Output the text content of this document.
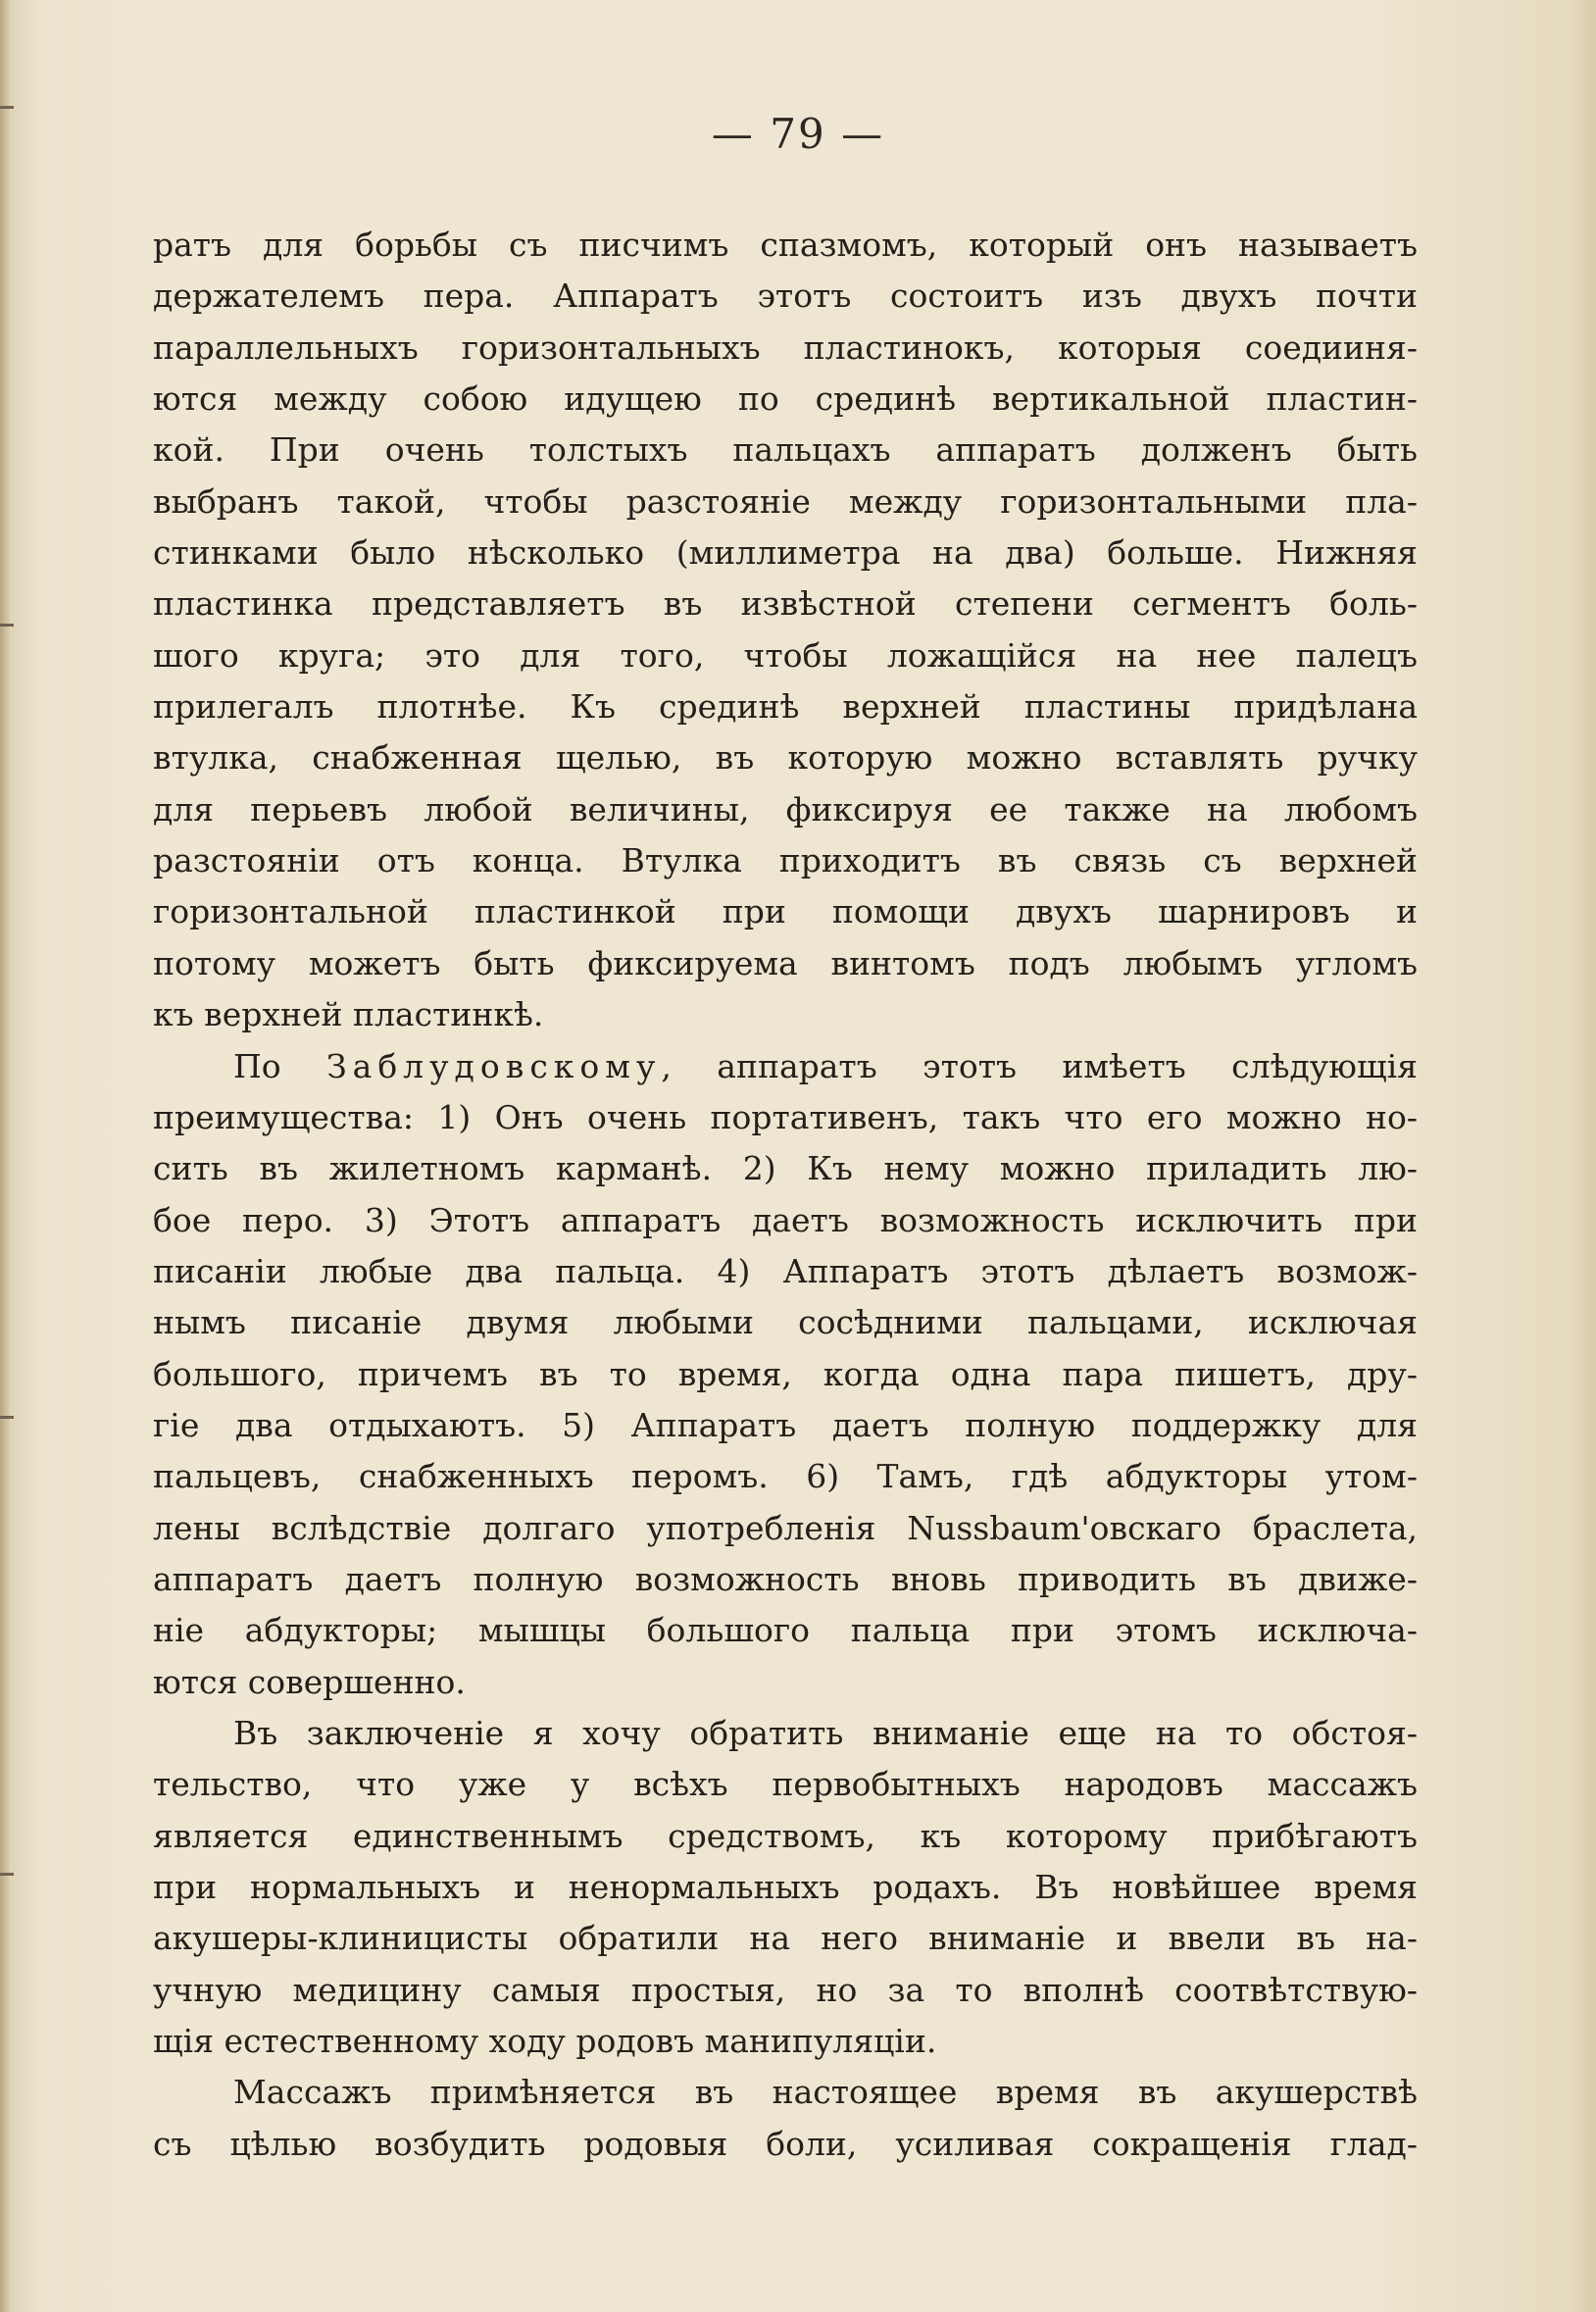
— 79 —
ратъ для борьбы съ писчимъ спазмомъ, который онъ называетъ
держателемъ пера. Аппаратъ этотъ состоитъ изъ двухъ почти
параллельныхъ горизонтальныхъ пластинокъ, которыя соедииня-
ются между собою идущею по срединѣ вертикальной пластин-
кой. При очень толстыхъ пальцахъ аппаратъ долженъ быть
выбранъ такой, чтобы разстояніе между горизонтальными пла-
стинками было нѣсколько (миллиметра на два) больше. Нижняя
пластинка представляетъ въ извѣстной степени сегментъ боль-
шого круга; это для того, чтобы ложащійся на нее палецъ
прилегалъ плотнѣе. Къ срединѣ верхней пластины придѣлана
втулка, снабженная щелью, въ которую можно вставлять ручку
для перьевъ любой величины, фиксируя ее также на любомъ
разстояніи отъ конца. Втулка приходитъ въ связь съ верхней
горизонтальной пластинкой при помощи двухъ шарнировъ и
потому можетъ быть фиксируема винтомъ подъ любымъ угломъ
къ верхней пластинкѣ.
По Заблудовскому, аппаратъ этотъ имѣетъ слѣдующія
преимущества: 1) Онъ очень портативенъ, такъ что его можно но-
сить въ жилетномъ карманѣ. 2) Къ нему можно приладить лю-
бое перо. 3) Этотъ аппаратъ даетъ возможность исключить при
писаніи любые два пальца. 4) Аппаратъ этотъ дѣлаетъ возмож-
нымъ писаніе двумя любыми сосѣдними пальцами, исключая
большого, причемъ въ то время, когда одна пара пишетъ, дру-
гіе два отдыхаютъ. 5) Аппаратъ даетъ полную поддержку для
пальцевъ, снабженныхъ перомъ. 6) Тамъ, гдѣ абдукторы утом-
лены вслѣдствіе долгаго употребленія Nussbaum'овскаго браслета,
аппаратъ даетъ полную возможность вновь приводить въ движе-
ніе абдукторы; мышцы большого пальца при этомъ исключа-
ются совершенно.
Въ заключеніе я хочу обратить вниманіе еще на то обстоя-
тельство, что уже у всѣхъ первобытныхъ народовъ массажъ
является единственнымъ средствомъ, къ которому прибѣгаютъ
при нормальныхъ и ненормальныхъ родахъ. Въ новѣйшее время
акушеры-клиницисты обратили на него вниманіе и ввели въ на-
учную медицину самыя простыя, но за то вполнѣ соотвѣтствую-
щія естественному ходу родовъ манипуляціи.
Массажъ примѣняется въ настоящее время въ акушерствѣ
съ цѣлью возбудить родовыя боли, усиливая сокращенія глад-
